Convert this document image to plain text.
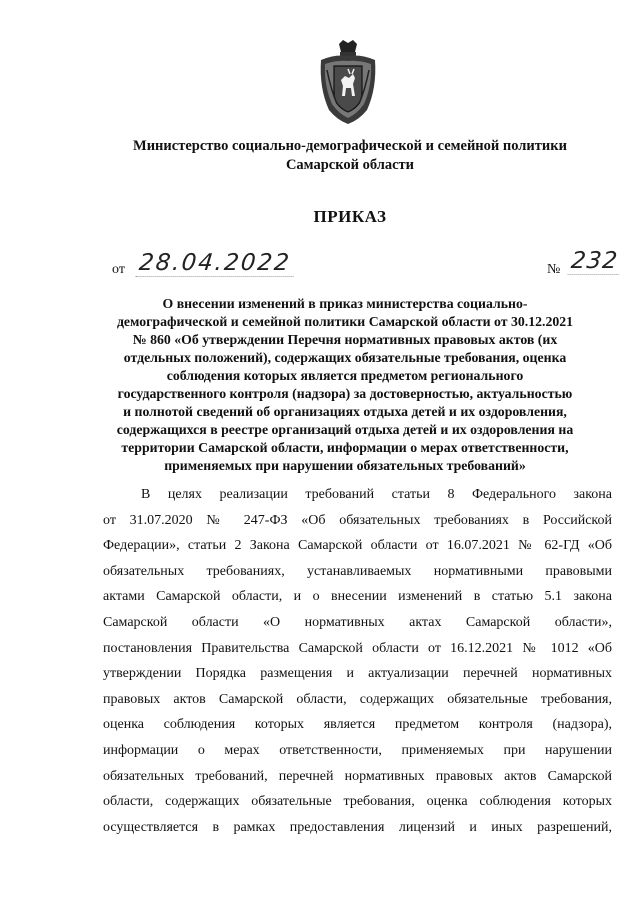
Министерство социально-демографической и семейной политики
Самарской области
ПРИКАЗ
от 28.04.2022	№ 232
О внесении изменений в приказ министерства социально-
демографической и семейной политики Самарской области от 30.12.2021
№ 860 «Об утверждении Перечня нормативных правовых актов (их
отдельных положений), содержащих обязательные требования, оценка
соблюдения которых является предметом регионального
государственного контроля (надзора) за достоверностью, актуальностью
и полнотой сведений об организациях отдыха детей и их оздоровления,
содержащихся в реестре организаций отдыха детей и их оздоровления на
территории Самарской области, информации о мерах ответственности,
применяемых при нарушении обязательных требований»
В целях реализации требований статьи 8 Федерального закона
от 31.07.2020 № 247-ФЗ «Об обязательных требованиях в Российской
Федерации», статьи 2 Закона Самарской области от 16.07.2021 № 62-ГД «Об
обязательных требованиях, устанавливаемых нормативными правовыми
актами Самарской области, и о внесении изменений в статью 5.1 закона
Самарской области «О нормативных актах Самарской области»,
постановления Правительства Самарской области от 16.12.2021 № 1012 «Об
утверждении Порядка размещения и актуализации перечней нормативных
правовых актов Самарской области, содержащих обязательные требования,
оценка соблюдения которых является предметом контроля (надзора),
информации о мерах ответственности, применяемых при нарушении
обязательных требований, перечней нормативных правовых актов Самарской
области, содержащих обязательные требования, оценка соблюдения которых
осуществляется в рамках предоставления лицензий и иных разрешений,
